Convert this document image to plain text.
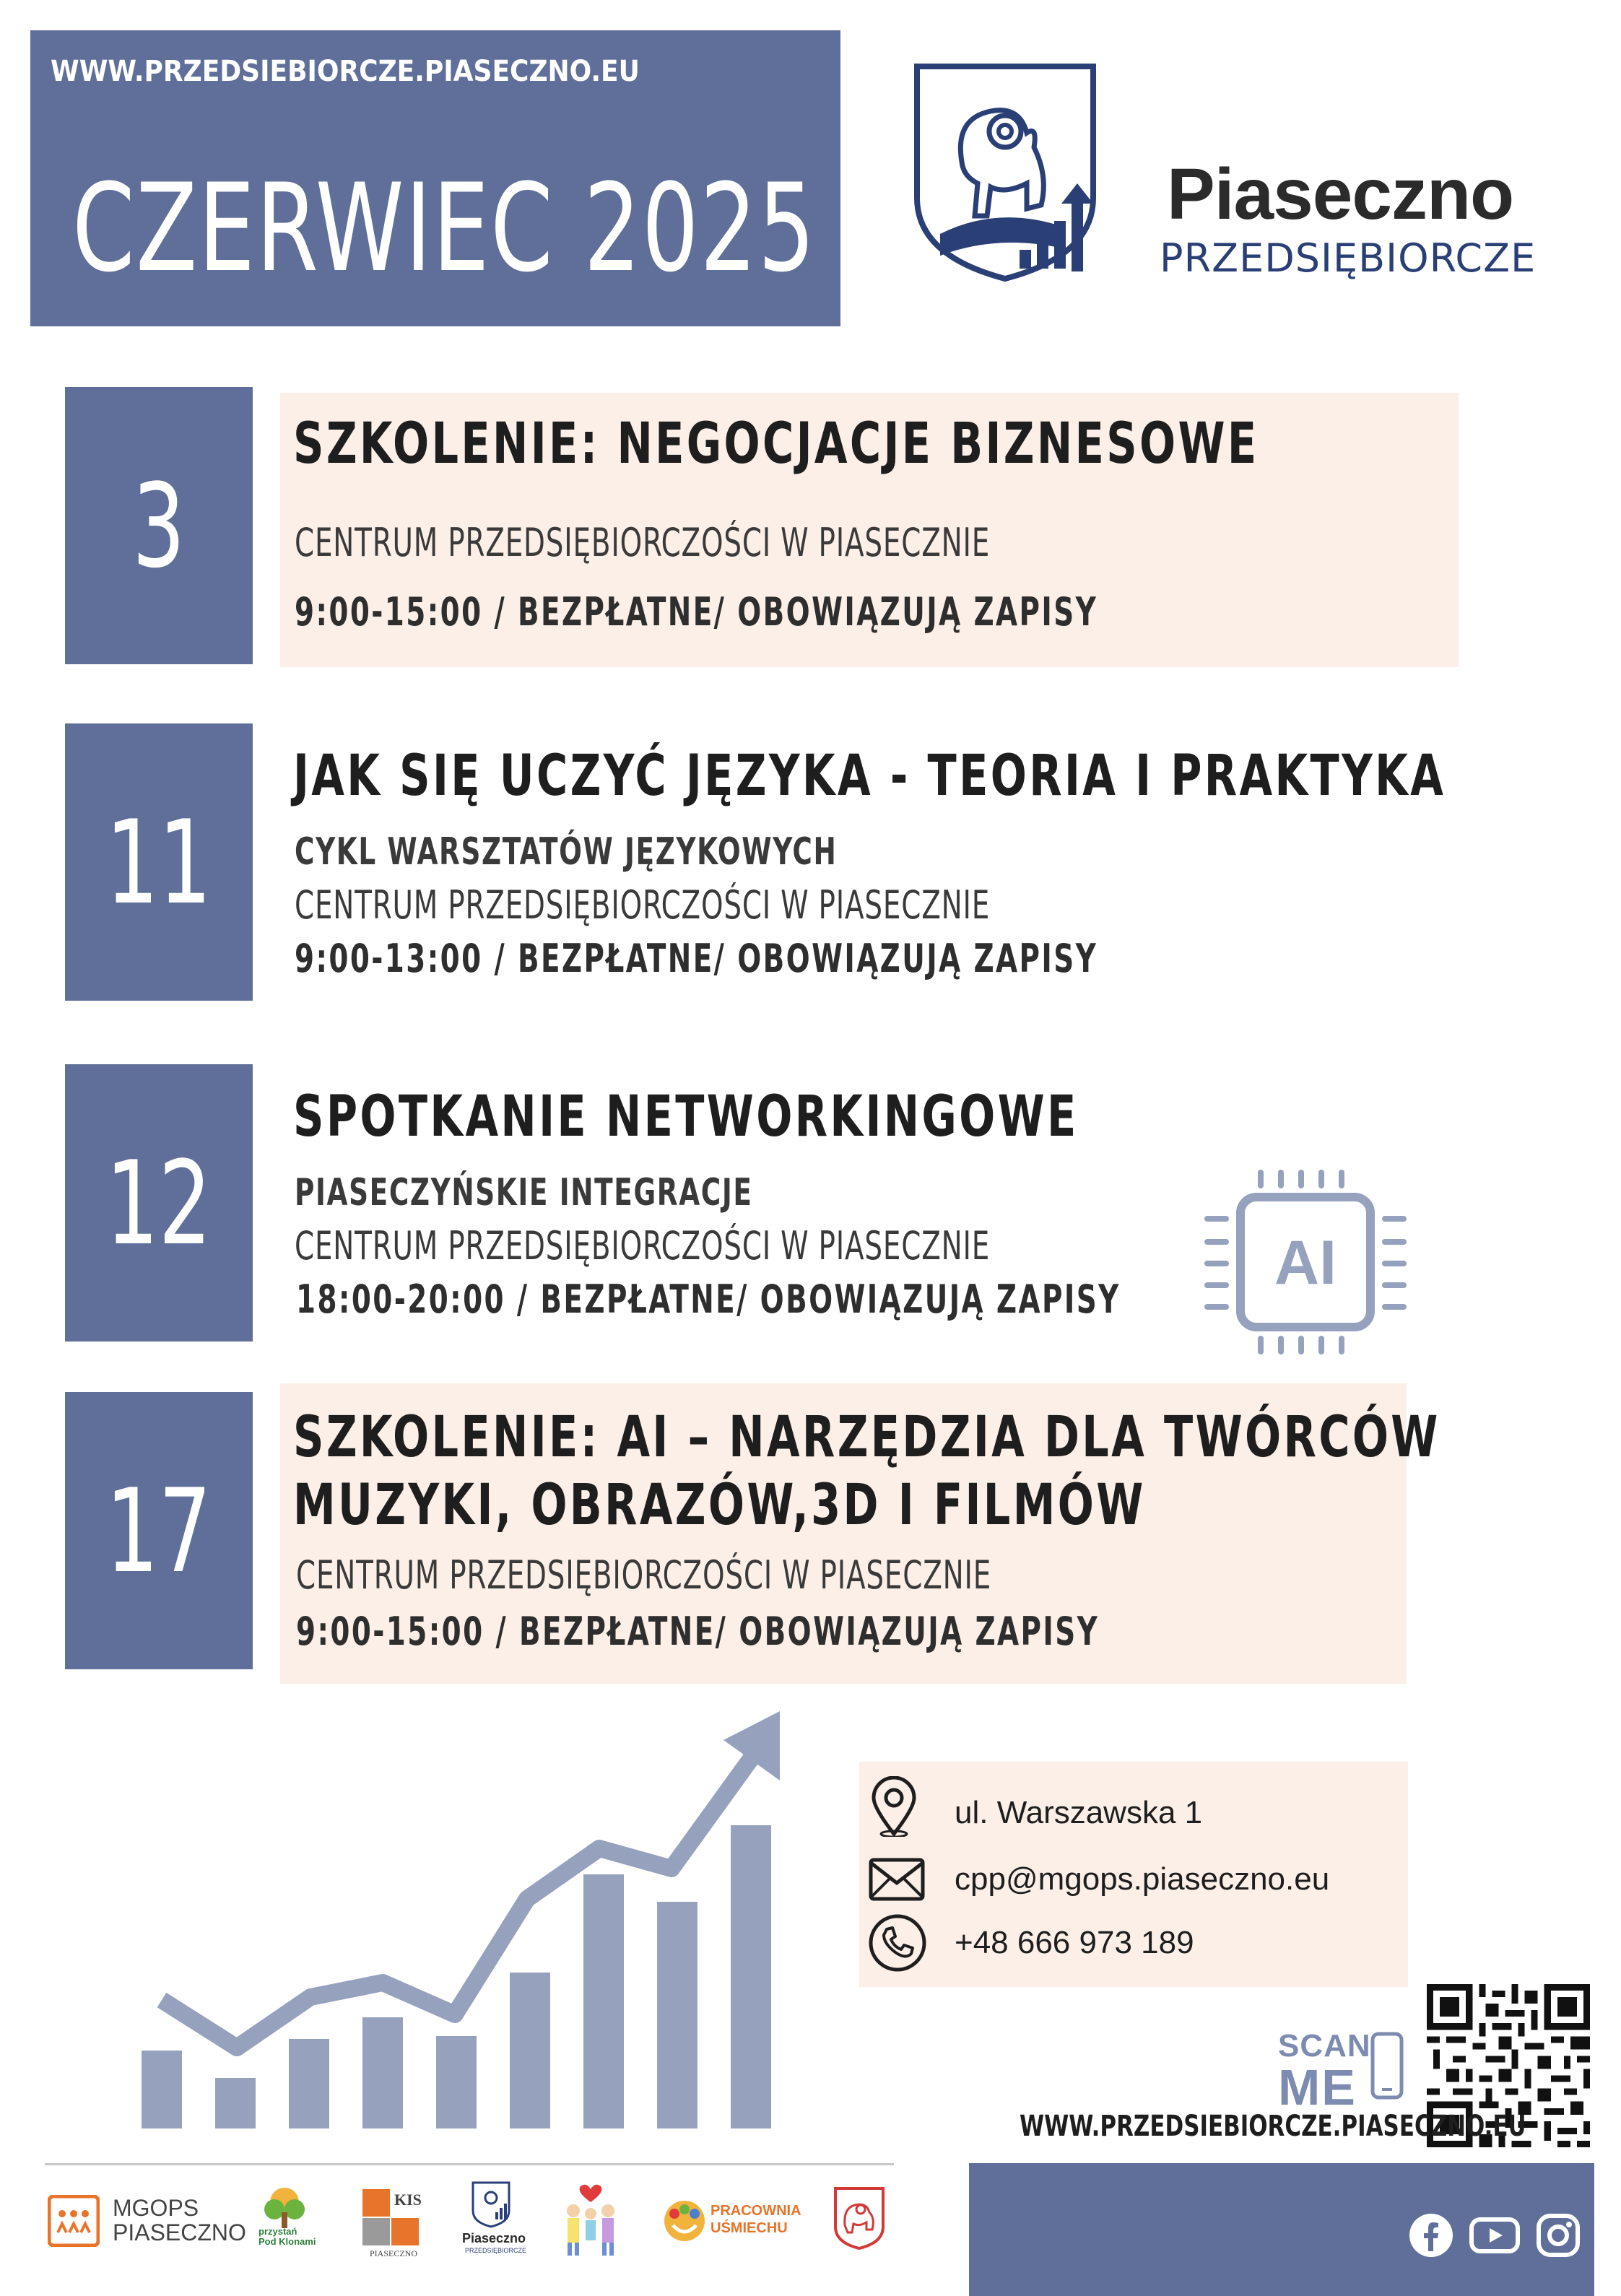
WWW.PRZEDSIEBIORCZE.PIASECZNO.EU
CZERWIEC 2025	Piaseczno
PRZEDSIĘBIORCZE
3
SZKOLENIE: NEGOCJACJE BIZNESOWE
CENTRUM PRZEDSIĘBIORCZOŚCI W PIASECZNIE
9:00-15:00 / BEZPŁATNE/ OBOWIĄZUJĄ ZAPISY
11
JAK SIĘ UCZYĆ JĘZYKA - TEORIA I PRAKTYKA
CYKL WARSZTATÓW JĘZYKOWYCH
CENTRUM PRZEDSIĘBIORCZOŚCI W PIASECZNIE
9:00-13:00 / BEZPŁATNE/ OBOWIĄZUJĄ ZAPISY
12
SPOTKANIE NETWORKINGOWE
PIASECZYŃSKIE INTEGRACJE
CENTRUM PRZEDSIĘBIORCZOŚCI W PIASECZNIE
18:00-20:00 / BEZPŁATNE/ OBOWIĄZUJĄ ZAPISY
AI
17
SZKOLENIE: AI – NARZĘDZIA DLA TWÓRCÓW
MUZYKI, OBRAZÓW,3D I FILMÓW
CENTRUM PRZEDSIĘBIORCZOŚCI W PIASECZNIE
9:00-15:00 / BEZPŁATNE/ OBOWIĄZUJĄ ZAPISY
ul. Warszawska 1
cpp@mgops.piaseczno.eu
+48 666 973 189
SCAN
ME
WWW.PRZEDSIEBIORCZE.PIASECZNO.EU
MGOPS
PIASECZNO przystań
Pod Klonami
KIS
PIASECZNO
Piaseczno
PRZEDSIĘBIORCZE
PRACOWNIA
UŚMIECHU
